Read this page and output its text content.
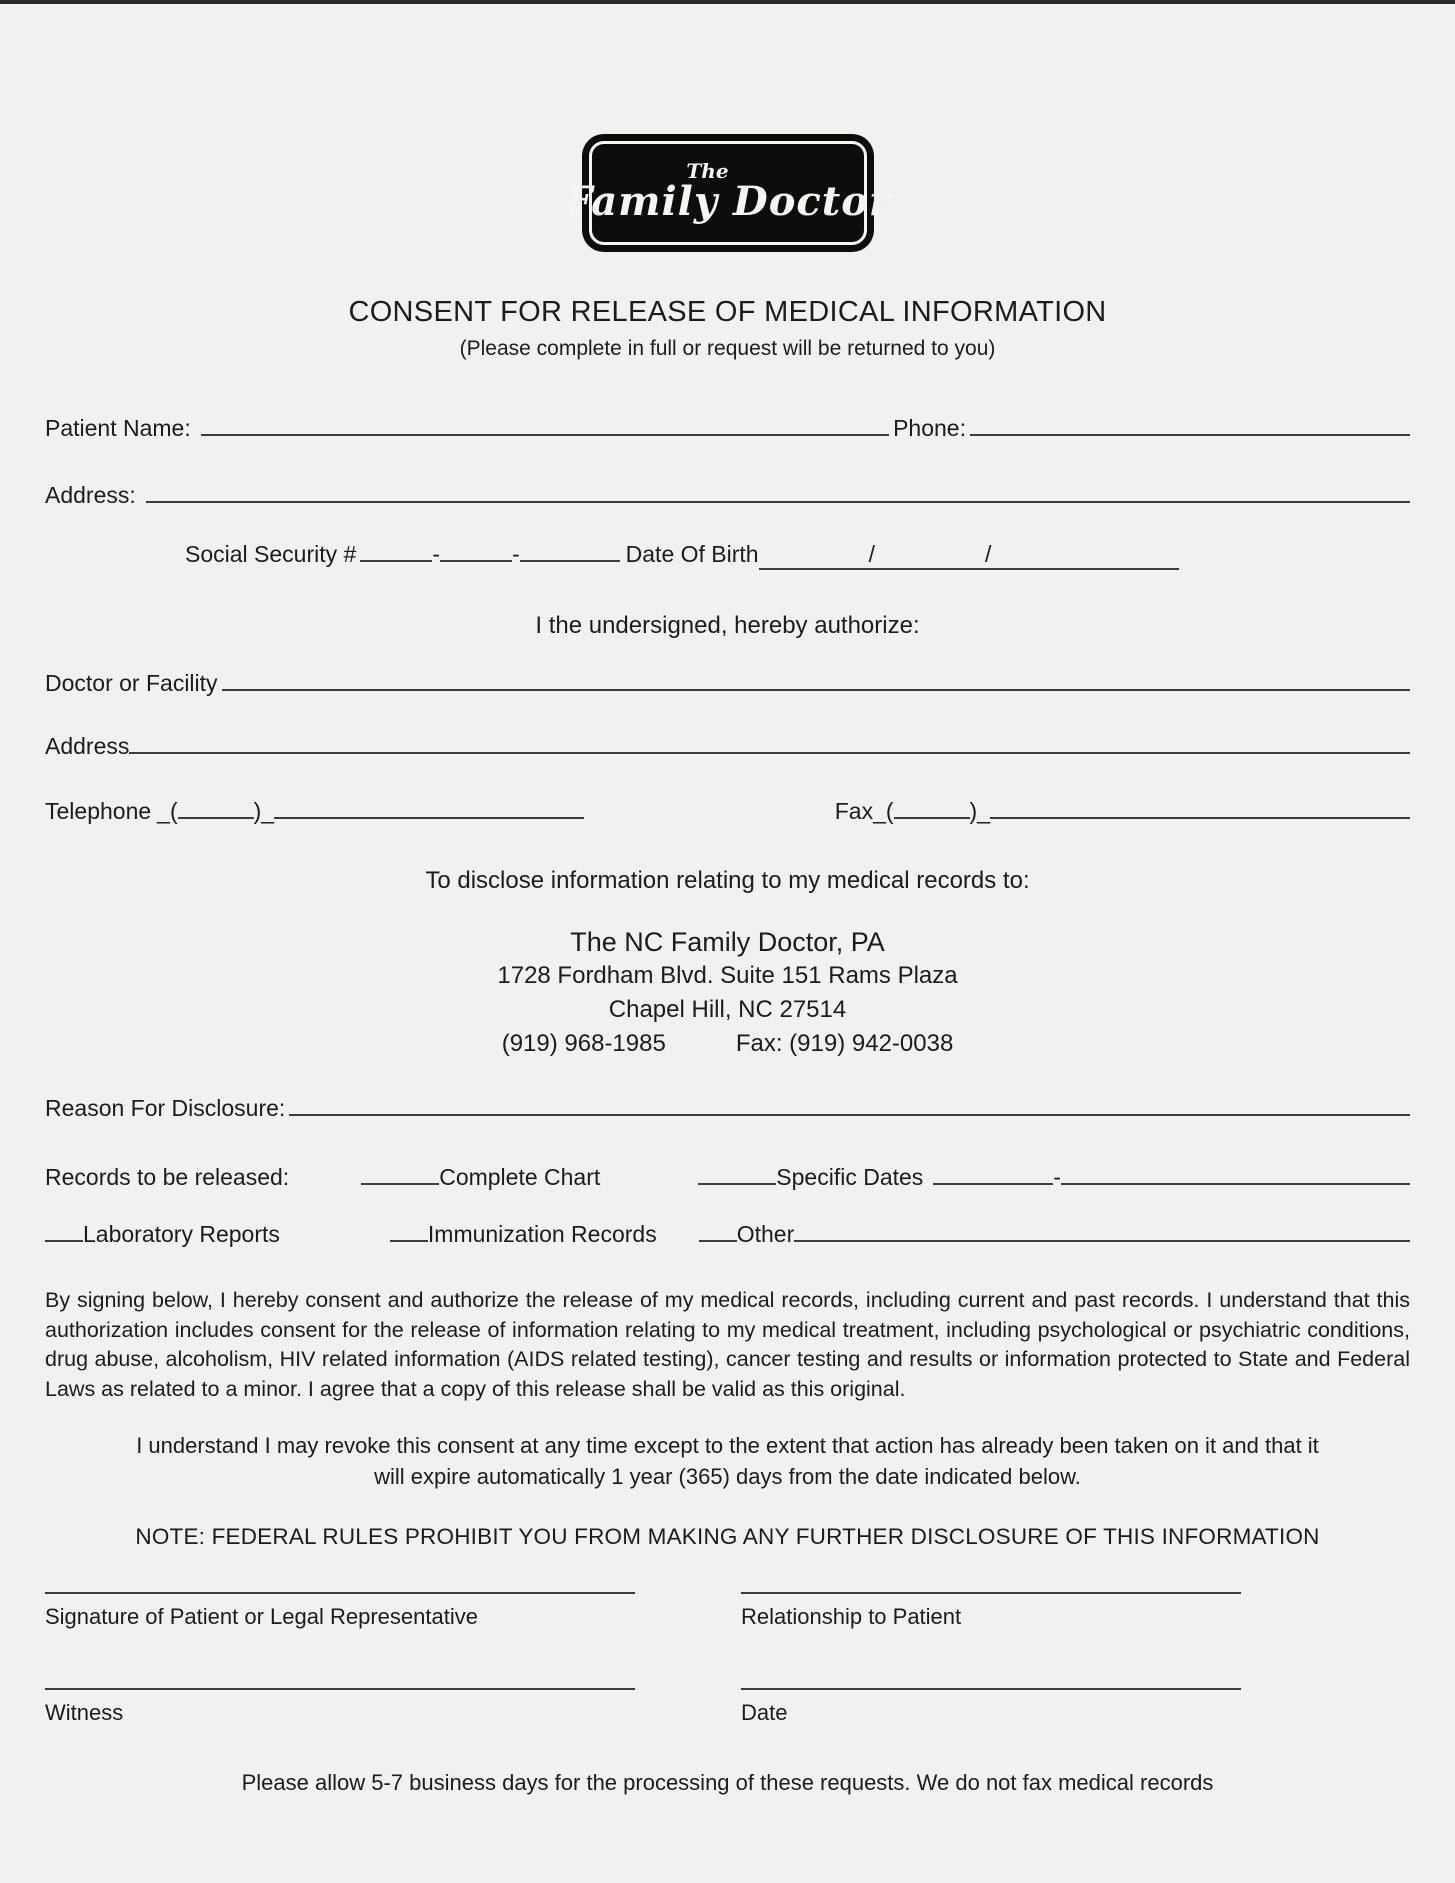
The
Family Doctor
CONSENT FOR RELEASE OF MEDICAL INFORMATION
(Please complete in full or request will be returned to you)
Patient Name:	Phone:
Address:
Social Security #	-	-	Date Of Birth	/	/
I the undersigned, hereby authorize:
Doctor or Facility
Address
Telephone _(	)_	Fax _(	)_
To disclose information relating to my medical records to:
The NC Family Doctor, PA
1728 Fordham Blvd. Suite 151 Rams Plaza
Chapel Hill, NC 27514
(919) 968-1985	Fax: (919) 942-0038
Reason For Disclosure:
Records to be released:	Complete Chart	Specific Dates	-
Laboratory Reports	Immunization Records	Other
By signing below, I hereby consent and authorize the release of my medical records, including current and past records. I understand that this authorization includes consent for the release of information relating to my medical treatment, including psychological or psychiatric conditions, drug abuse, alcoholism, HIV related information (AIDS related testing), cancer testing and results or information protected to State and Federal Laws as related to a minor. I agree that a copy of this release shall be valid as this original.
I understand I may revoke this consent at any time except to the extent that action has already been taken on it and that it will expire automatically 1 year (365) days from the date indicated below.
NOTE: FEDERAL RULES PROHIBIT YOU FROM MAKING ANY FURTHER DISCLOSURE OF THIS INFORMATION
Signature of Patient or Legal Representative	Relationship to Patient
Witness	Date
Please allow 5-7 business days for the processing of these requests. We do not fax medical records
